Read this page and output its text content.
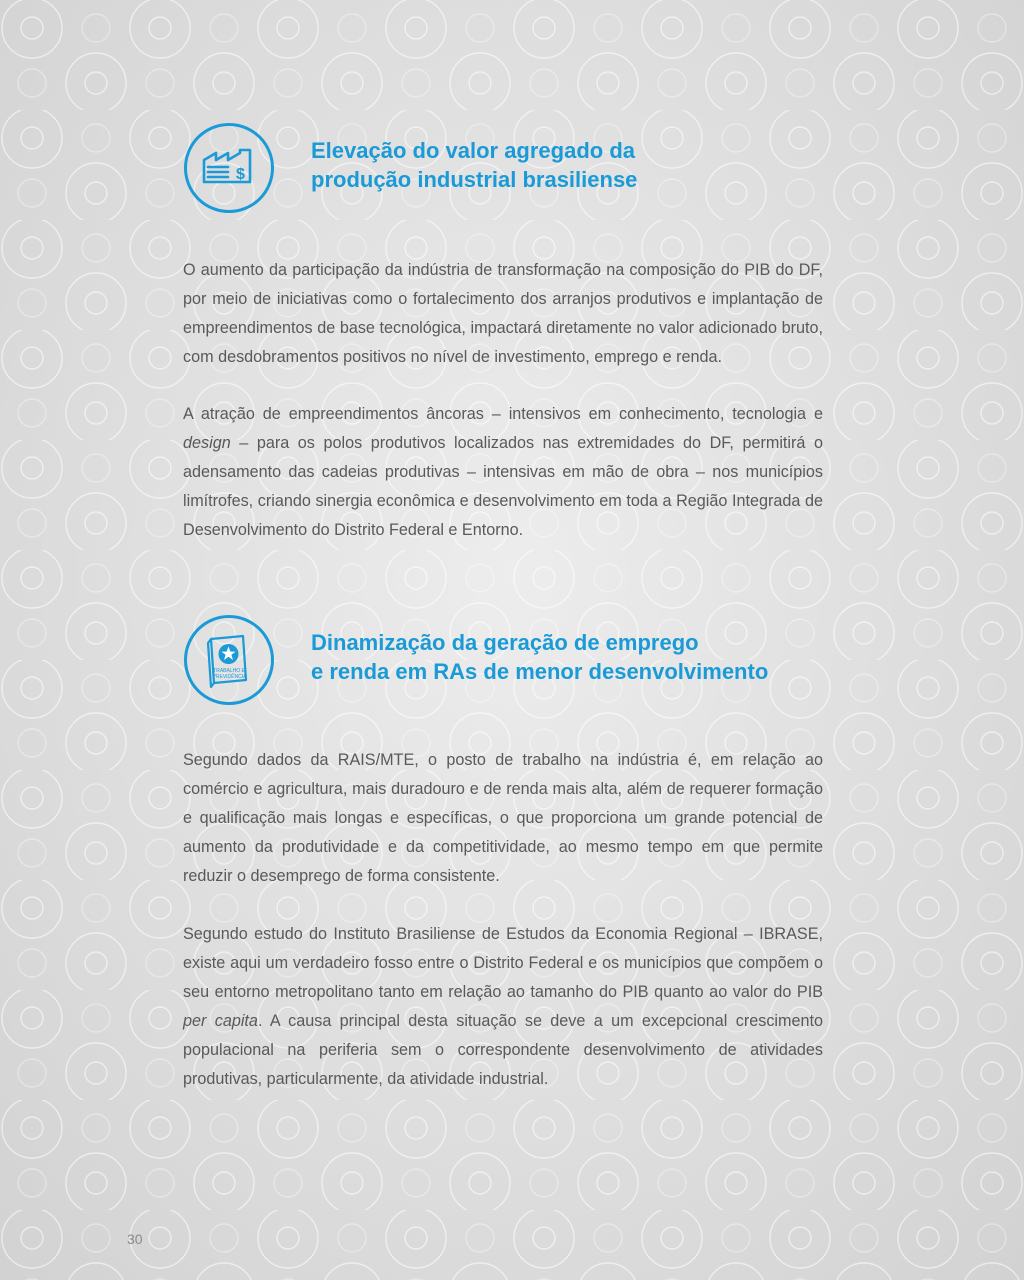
$
Elevação do valor agregado da
produção industrial brasiliense

O aumento da participação da indústria de transformação na composição do PIB do DF, por meio de iniciativas como o fortalecimento dos arranjos produtivos e implantação de empreendimentos de base tecnológica, impactará diretamente no valor adicionado bruto, com desdobramentos positivos no nível de investimento, emprego e renda.

A atração de empreendimentos âncoras – intensivos em conhecimento, tecnologia e design – para os polos produtivos localizados nas extremidades do DF, permitirá o adensamento das cadeias produtivas – intensivas em mão de obra – nos municípios limítrofes, criando sinergia econômica e desenvolvimento em toda a Região Integrada de Desenvolvimento do Distrito Federal e Entorno.

TRABALHO E
PREVIDÊNCIA
Dinamização da geração de emprego
e renda em RAs de menor desenvolvimento

Segundo dados da RAIS/MTE, o posto de trabalho na indústria é, em relação ao comércio e agricultura, mais duradouro e de renda mais alta, além de requerer formação e qualificação mais longas e específicas, o que proporciona um grande potencial de aumento da produtividade e da competitividade, ao mesmo tempo em que permite reduzir o desemprego de forma consistente.

Segundo estudo do Instituto Brasiliense de Estudos da Economia Regional – IBRASE, existe aqui um verdadeiro fosso entre o Distrito Federal e os municípios que compõem o seu entorno metropolitano tanto em relação ao tamanho do PIB quanto ao valor do PIB per capita. A causa principal desta situação se deve a um excepcional crescimento populacional na periferia sem o correspondente desenvolvimento de atividades produtivas, particularmente, da atividade industrial.

30
